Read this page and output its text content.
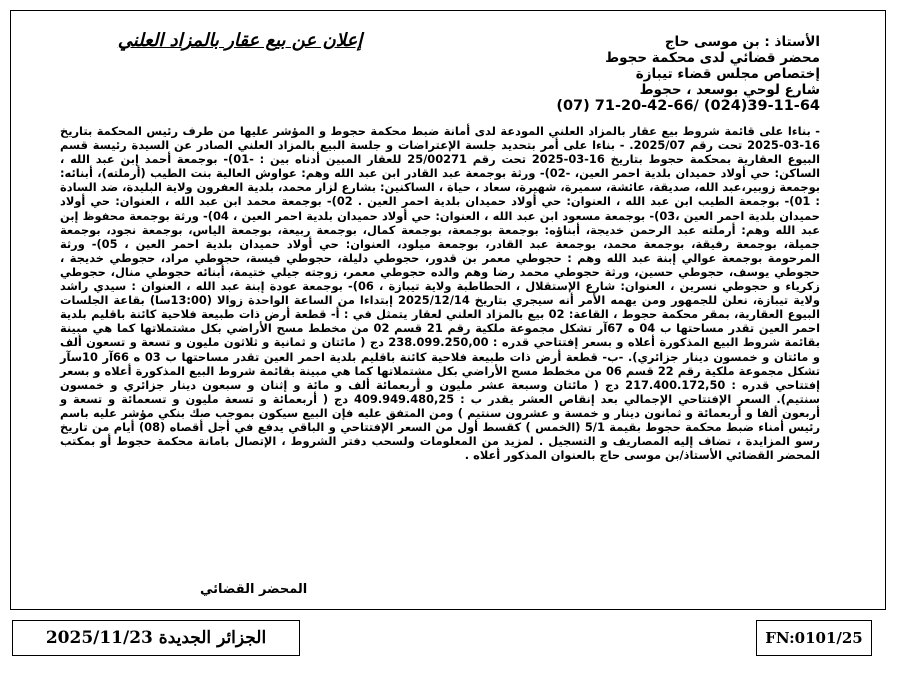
إعلان عن بيع عقار بالمزاد العلني	الأستاذ : بن موسى حاج
محضر قضائي لدى محكمة حجوط
إختصاص مجلس قضاء تيبازة
شارع لوحي بوسعد ، حجوط
(07) 71-20-42-66/ (024)39-11-64
- بناءا على قائمة شروط بيع عقار بالمزاد العلني المودعة لدى أمانة ضبط محكمة حجوط و المؤشر عليها من طرف رئيس المحكمة بتاريخ 16-03-2025 تحت رقم 2025/07. - بناءا على أمر بتحديد جلسة الإعتراضات و جلسة البيع بالمزاد العلني الصادر عن السيدة رئيسة قسم البيوع العقارية بمحكمة حجوط بتاريخ 16-03-2025 تحت رقم 25/00271 للعقار المبين أدناه بين : -01)- بوجمعة أحمد إبن عبد الله ، الساكن: حي أولاد حميدان بلدية احمر العين، -02)- ورثة بوجمعة عبد القادر ابن عبد الله وهم: عواوش العالية بنت الطيب (أرملته)، أبنائه: بوجمعة زوبير،عبد الله، صديقة، عائشة، سميرة، شهيرة، سعاد ، حياة ، الساكنين: بشارع لزار محمد، بلدية العفرون ولاية البليدة، ضد السادة : 01)- بوجمعة الطيب ابن عبد الله ، العنوان: حي أولاد حميدان بلدية احمر العين . 02)- بوجمعة محمد ابن عبد الله ، العنوان: حي أولاد حميدان بلدية احمر العين ،03)- بوجمعة مسعود ابن عبد الله ، العنوان: حي أولاد حميدان بلدية احمر العين ، 04)- ورثة بوجمعة محفوظ إبن عبد الله وهم: أرملته عبد الرحمن خديجة، أبناؤه: بوجمعة بوجمعة، بوجمعة كمال، بوجمعة ربيعة، بوجمعة الياس، بوجمعة نجود، بوجمعة جميلة، بوجمعة رفيقة، بوجمعة محمد، بوجمعة عبد القادر، بوجمعة ميلود، العنوان: حي أولاد حميدان بلدية احمر العين ، 05)- ورثة المرحومة بوجمعة عوالي إبنة عبد الله وهم : حجوطي معمر بن قدور، حجوطي دليلة، حجوطي فيسة، حجوطي مراد، حجوطي خديجة ، حجوطي يوسف، حجوطي حسين، ورثة حجوطي محمد رضا وهم والده حجوطي معمر، زوجته جيلي ختيمة، أبنائه حجوطي منال، حجوطي زكرياء و حجوطي نسرين ، العنوان: شارع الإستقلال ، الحطاطبة ولاية تيبازة ، 06)- بوجمعة عودة إبنة عبد الله ، العنوان : سيدي راشد ولاية تيبازة، نعلن للجمهور ومن يهمه الأمر أنه سيجري بتاريخ 2025/12/14 إبتداءا من الساعة الواحدة زوالا (13:00سا) بقاعة الجلسات البيوع العقارية، بمقر محكمة حجوط ، القاعة: 02 بيع بالمزاد العلني لعقار يتمثل في : أ- قطعة أرض ذات طبيعة فلاحية كائنة باقليم بلدية احمر العين تقدر مساحتها ب 04 ه 67آر تشكل مجموعة ملكية رقم 21 قسم 02 من مخطط مسح الأراضي بكل مشتملاتها كما هي مبينة بقائمة شروط البيع المذكورة أعلاه و بسعر إفتتاحي قدره : 238.099.250,00 دج ( مائتان و ثمانية و ثلاثون مليون و تسعة و تسعون ألف و مائتان و خمسون دينار جزائري). -ب- قطعة أرض ذات طبيعة فلاحية كائنة باقليم بلدية احمر العين تقدر مساحتها ب 03 ه 66آر 10سآر تشكل مجموعة ملكية رقم 22 قسم 06 من مخطط مسح الأراضي بكل مشتملاتها كما هي مبينة بقائمة شروط البيع المذكورة أعلاه و بسعر إفتتاحي قدره : 217.400.172,50 دج ( مائتان وسبعة عشر مليون و أربعمائة ألف و مائة و إثنان و سبعون دينار جزائري و خمسون سنتيم). السعر الإفتتاحي الإجمالي بعد إنقاص العشر يقدر ب : 409.949.480,25 دج ( أربعمائة و تسعة مليون و تسعمائة و تسعة و أربعون ألفا و أربعمائة و ثمانون دينار و خمسة و عشرون سنتيم ) ومن المتفق عليه فإن البيع سيكون بموجب صك بنكي مؤشر عليه باسم رئيس أمناء ضبط محكمة حجوط بقيمة 5/1 (الخمس ) كقسط أول من السعر الإفتتاحي و الباقي يدفع في أجل أقصاه (08) أيام من تاريخ رسو المزايدة ، تضاف إليه المصاريف و التسجيل . لمزيد من المعلومات ولسحب دفتر الشروط ، الإتصال بامانة محكمة حجوط أو بمكتب المحضر القضائي الأستاذ/بن موسى حاج بالعنوان المذكور أعلاه .
المحضر القضائي
الجزائر الجديدة 2025/11/23	FN:0101/25
